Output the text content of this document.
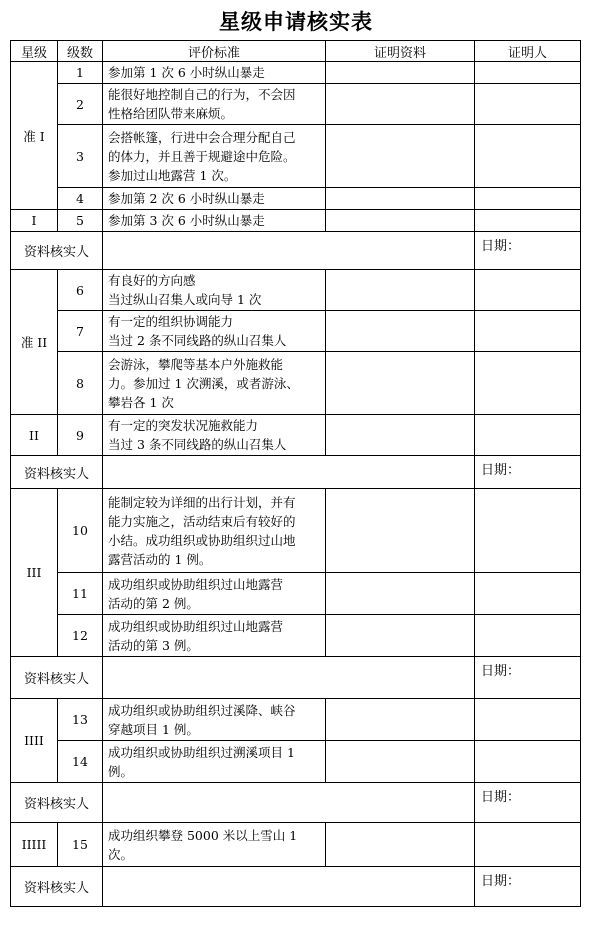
星级申请核实表
星级	级数	评价标准	证明资料	证明人
准 I	1	参加第 1 次 6 小时纵山暴走		

	2	能很好地控制自己的行为，不会因
性格给团队带来麻烦。		

	3	会搭帐篷，行进中会合理分配自己
的体力，并且善于规避途中危险。
参加过山地露营 1 次。		

	4	参加第 2 次 6 小时纵山暴走		

I	5	参加第 3 次 6 小时纵山暴走		

资料核实人				日期：
准 II	6	有良好的方向感
当过纵山召集人或向导 1 次		

	7	有一定的组织协调能力
当过 2 条不同线路的纵山召集人		

	8	会游泳，攀爬等基本户外施救能
力。参加过 1 次溯溪，或者游泳、
攀岩各 1 次		

II	9	有一定的突发状况施救能力
当过 3 条不同线路的纵山召集人		

资料核实人				日期：
III	10	能制定较为详细的出行计划，并有
能力实施之，活动结束后有较好的
小结。成功组织或协助组织过山地
露营活动的 1 例。		

	11	成功组织或协助组织过山地露营
活动的第 2 例。		

	12	成功组织或协助组织过山地露营
活动的第 3 例。		

资料核实人				日期：
IIII	13	成功组织或协助组织过溪降、峡谷
穿越项目 1 例。		

	14	成功组织或协助组织过溯溪项目 1
例。		

资料核实人				日期：
IIIII	15	成功组织攀登 5000 米以上雪山 1
次。		

资料核实人				日期：
